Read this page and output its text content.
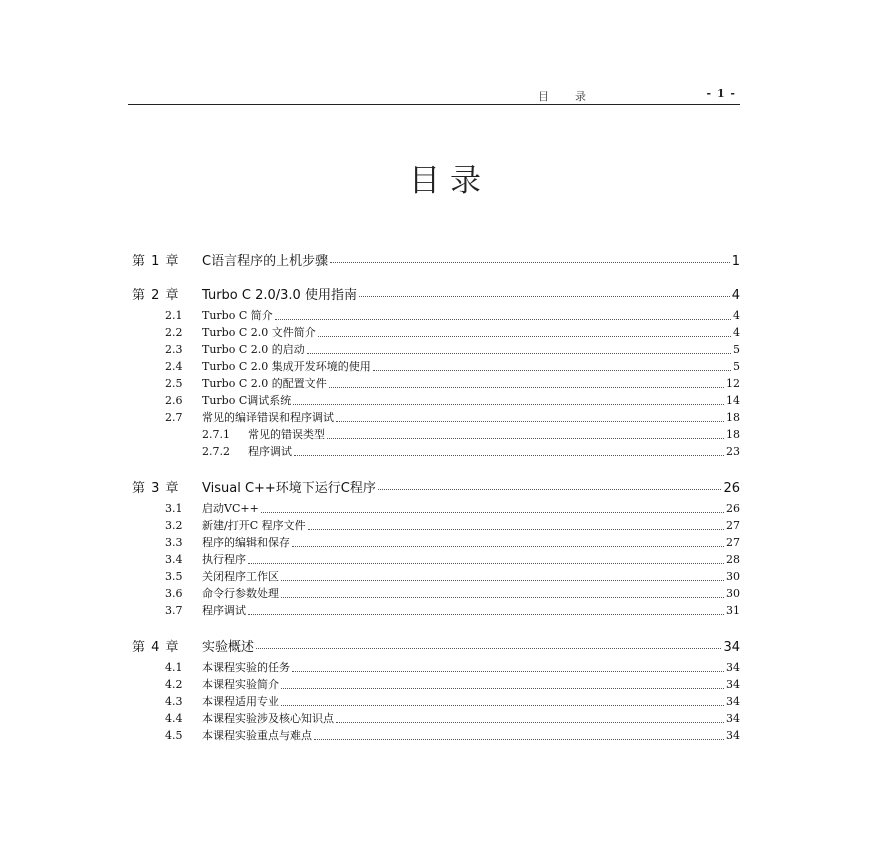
目录	- 1 -
目录
第 1 章	C语言程序的上机步骤	1
第 2 章	Turbo C 2.0/3.0 使用指南	4
2.1	Turbo C 简介	4
2.2	Turbo C 2.0 文件简介	4
2.3	Turbo C 2.0 的启动	5
2.4	Turbo C 2.0 集成开发环境的使用	5
2.5	Turbo C 2.0 的配置文件	12
2.6	Turbo C调试系统	14
2.7	常见的编译错误和程序调试	18
2.7.1	常见的错误类型	18
2.7.2	程序调试	23
第 3 章	Visual C++环境下运行C程序	26
3.1	启动VC++	26
3.2	新建/打开C 程序文件	27
3.3	程序的编辑和保存	27
3.4	执行程序	28
3.5	关闭程序工作区	30
3.6	命令行参数处理	30
3.7	程序调试	31
第 4 章	实验概述	34
4.1	本课程实验的任务	34
4.2	本课程实验简介	34
4.3	本课程适用专业	34
4.4	本课程实验涉及核心知识点	34
4.5	本课程实验重点与难点	34
